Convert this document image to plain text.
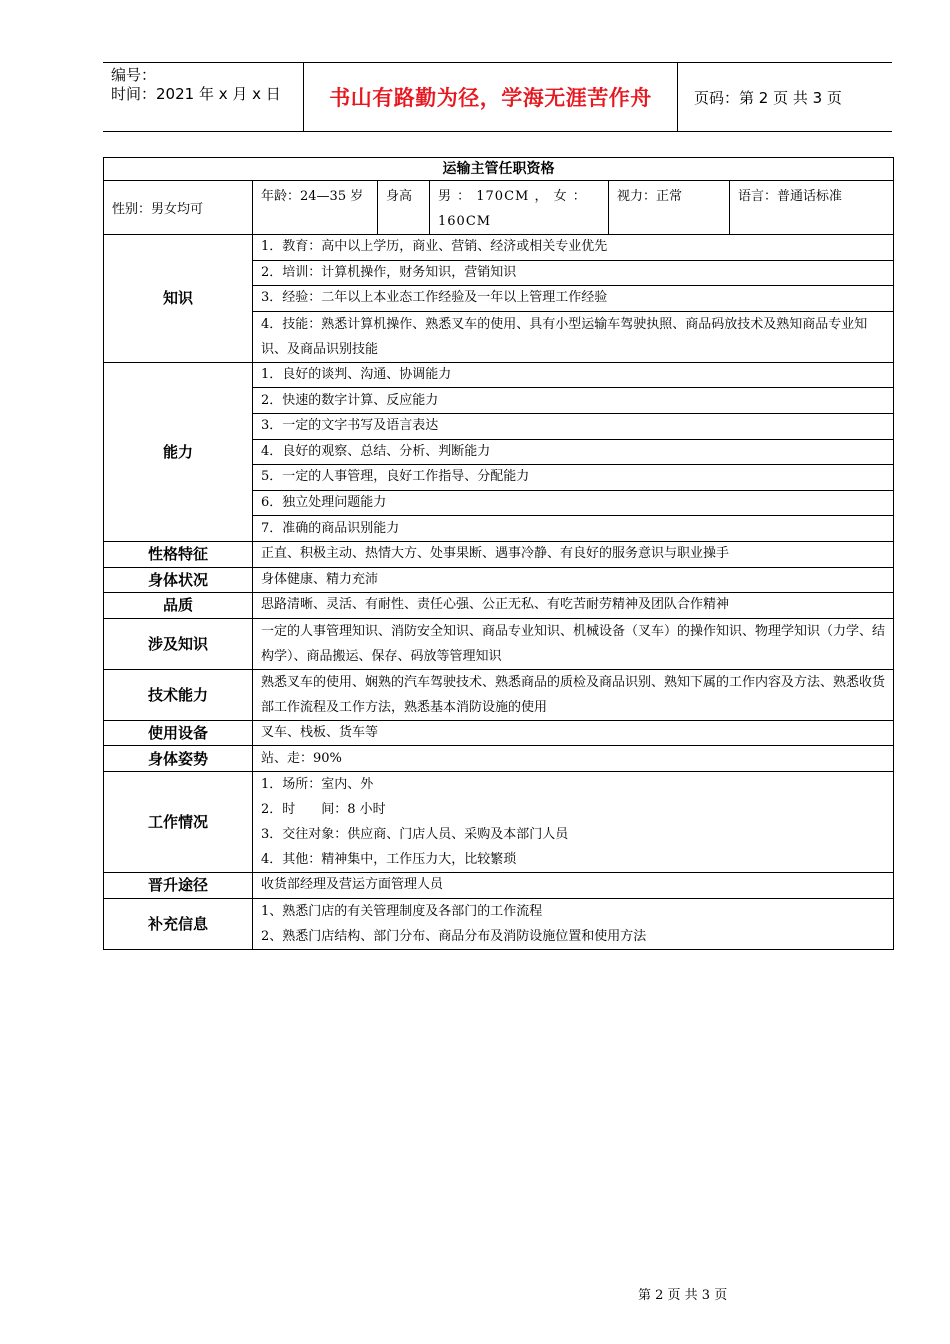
编号：
时间：2021 年 x 月 x 日 书山有路勤为径，学海无涯苦作舟	页码：第 2 页 共 3 页
运输主管任职资格					
性别：男女均可	年龄：24—35 岁	身高	男 ： 170CM ， 女 ： 160CM	视力：正常	语言：普通话标准
知识	1．教育：高中以上学历，商业、营销、经济或相关专业优先				
	2．培训：计算机操作，财务知识，营销知识				
	3．经验：二年以上本业态工作经验及一年以上管理工作经验				
	4．技能：熟悉计算机操作、熟悉叉车的使用、具有小型运输车驾驶执照、商品码放技术及熟知商品专业知识、及商品识别技能				
能力	1．良好的谈判、沟通、协调能力				
	2．快速的数字计算、反应能力				
	3．一定的文字书写及语言表达				
	4．良好的观察、总结、分析、判断能力				
	5．一定的人事管理，良好工作指导、分配能力				
	6．独立处理问题能力				
	7．准确的商品识别能力				
性格特征	正直、积极主动、热情大方、处事果断、遇事冷静、有良好的服务意识与职业操手				
身体状况	身体健康、精力充沛				
品质	思路清晰、灵活、有耐性、责任心强、公正无私、有吃苦耐劳精神及团队合作精神				
涉及知识	一定的人事管理知识、消防安全知识、商品专业知识、机械设备（叉车）的操作知识、物理学知识（力学、结构学）、商品搬运、保存、码放等管理知识				
技术能力	熟悉叉车的使用、娴熟的汽车驾驶技术、熟悉商品的质检及商品识别、熟知下属的工作内容及方法、熟悉收货部工作流程及工作方法，熟悉基本消防设施的使用				
使用设备	叉车、栈板、货车等				
身体姿势	站、走：90%				
工作情况	1．场所：室内、外
2．时　　间：8 小时
3．交往对象：供应商、门店人员、采购及本部门人员
4．其他：精神集中，工作压力大，比较繁琐				

晋升途径	收货部经理及营运方面管理人员				
补充信息	1、熟悉门店的有关管理制度及各部门的工作流程
2、熟悉门店结构、部门分布、商品分布及消防设施位置和使用方法				
第 2 页 共 3 页
